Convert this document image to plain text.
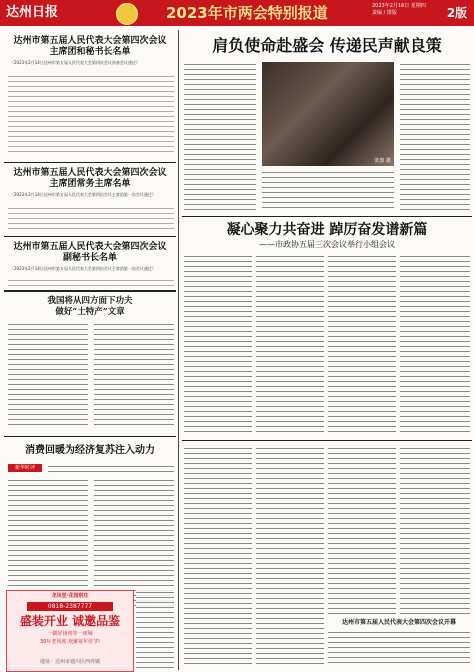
达州日报	2023年市两会特别报道	2023年2月16日 星期四
责编 / 排版	2版
达州市第五届人民代表大会第四次会议
主席团和秘书长名单
（2023年2月14日达州市第五届人民代表大会第四次会议预备会议通过）
达州市第五届人民代表大会第四次会议
主席团常务主席名单
（2023年2月14日达州市第五届人民代表大会第四次会议主席团第一次会议通过）
达州市第五届人民代表大会第四次会议
副秘书长名单
（2023年2月14日达州市第五届人民代表大会第四次会议主席团第一次会议通过）
我国将从四方面下功夫
做好“土特产”文章
消费回暖为经济复苏注入动力
新华时评
龙凤堂·花园别庄
0818-2387777
盛装开业 诚邀品鉴
一隅好汤喜等一座城
30年老风度,欢聚每年佳节!
地址：达州市通川区西外镇
肩负使命赴盛会 传递民声献良策
张惠 摄
凝心聚力共奋进 踔厉奋发谱新篇
——市政协五届三次会议举行小组会议
达州市第五届人民代表大会第四次会议开幕
